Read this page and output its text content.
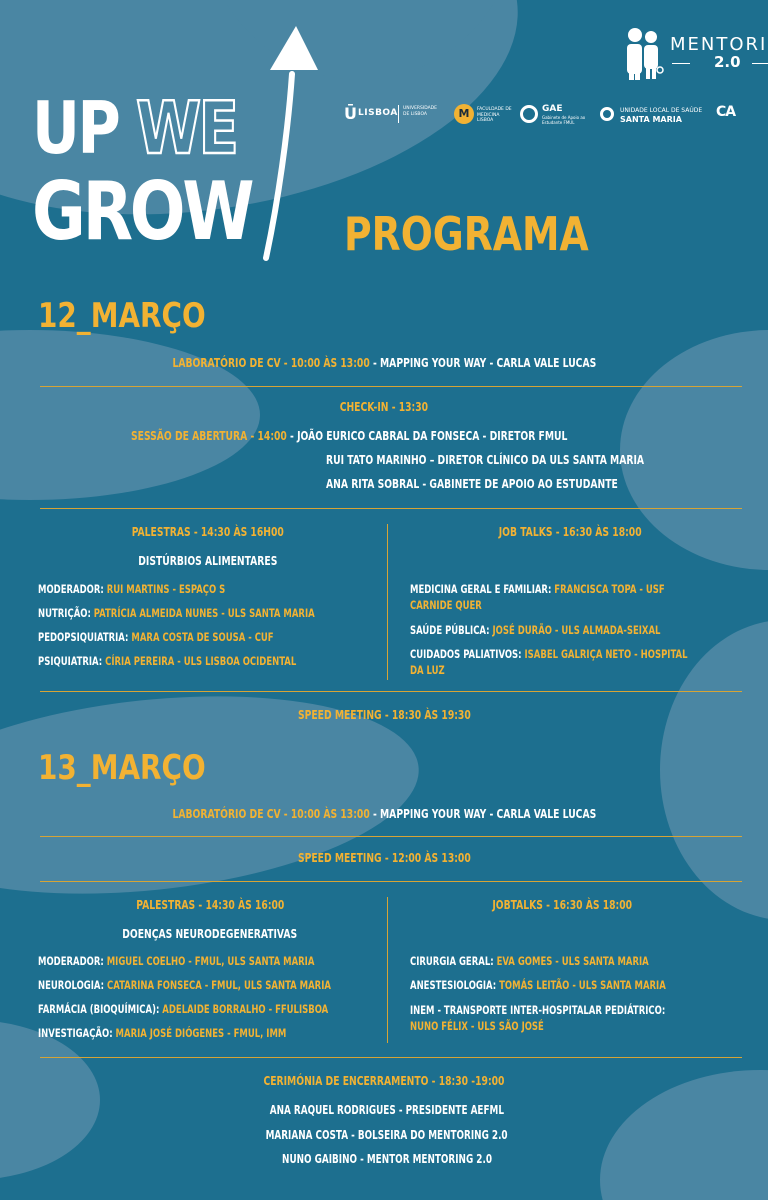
UP WE
GROW	PROGRAMA
MENTORI
2.0
Ū LISBOA UNIVERSIDADE DE LISBOA	M	FACULDADE DE MEDICINA LISBOA
GAE
Gabinete de Apoio ao Estudante FMUL
UNIDADE LOCAL DE SAÚDE
SANTA MARIA CA
12_MARÇO
LABORATÓRIO DE CV - 10:00 ÀS 13:00 - MAPPING YOUR WAY - CARLA VALE LUCAS
CHECK-IN - 13:30
SESSÃO DE ABERTURA - 14:00 - JOÃO EURICO CABRAL DA FONSECA - DIRETOR FMUL
RUI TATO MARINHO – DIRETOR CLÍNICO DA ULS SANTA MARIA
ANA RITA SOBRAL - GABINETE DE APOIO AO ESTUDANTE
PALESTRAS - 14:30 ÀS 16H00
DISTÚRBIOS ALIMENTARES
MODERADOR: RUI MARTINS - ESPAÇO S
NUTRIÇÃO: PATRÍCIA ALMEIDA NUNES - ULS SANTA MARIA
PEDOPSIQUIATRIA: MARA COSTA DE SOUSA - CUF
PSIQUIATRIA: CÍRIA PEREIRA - ULS LISBOA OCIDENTAL
JOB TALKS - 16:30 ÀS 18:00
MEDICINA GERAL E FAMILIAR: FRANCISCA TOPA - USF
CARNIDE QUER
SAÚDE PÚBLICA: JOSÉ DURÃO - ULS ALMADA-SEIXAL
CUIDADOS PALIATIVOS: ISABEL GALRIÇA NETO - HOSPITAL
DA LUZ
SPEED MEETING - 18:30 ÀS 19:30
13_MARÇO
LABORATÓRIO DE CV - 10:00 ÀS 13:00 - MAPPING YOUR WAY - CARLA VALE LUCAS
SPEED MEETING - 12:00 ÀS 13:00
PALESTRAS - 14:30 ÀS 16:00
DOENÇAS NEURODEGENERATIVAS
MODERADOR: MIGUEL COELHO - FMUL, ULS SANTA MARIA
NEUROLOGIA: CATARINA FONSECA - FMUL, ULS SANTA MARIA
FARMÁCIA (BIOQUÍMICA): ADELAIDE BORRALHO - FFULISBOA
INVESTIGAÇÃO: MARIA JOSÉ DIÓGENES - FMUL, IMM
JOBTALKS - 16:30 ÀS 18:00
CIRURGIA GERAL: EVA GOMES - ULS SANTA MARIA
ANESTESIOLOGIA: TOMÁS LEITÃO - ULS SANTA MARIA
INEM - TRANSPORTE INTER-HOSPITALAR PEDIÁTRICO:
NUNO FÉLIX - ULS SÃO JOSÉ
CERIMÓNIA DE ENCERRAMENTO - 18:30 -19:00
ANA RAQUEL RODRIGUES - PRESIDENTE AEFML
MARIANA COSTA - BOLSEIRA DO MENTORING 2.0
NUNO GAIBINO - MENTOR MENTORING 2.0
